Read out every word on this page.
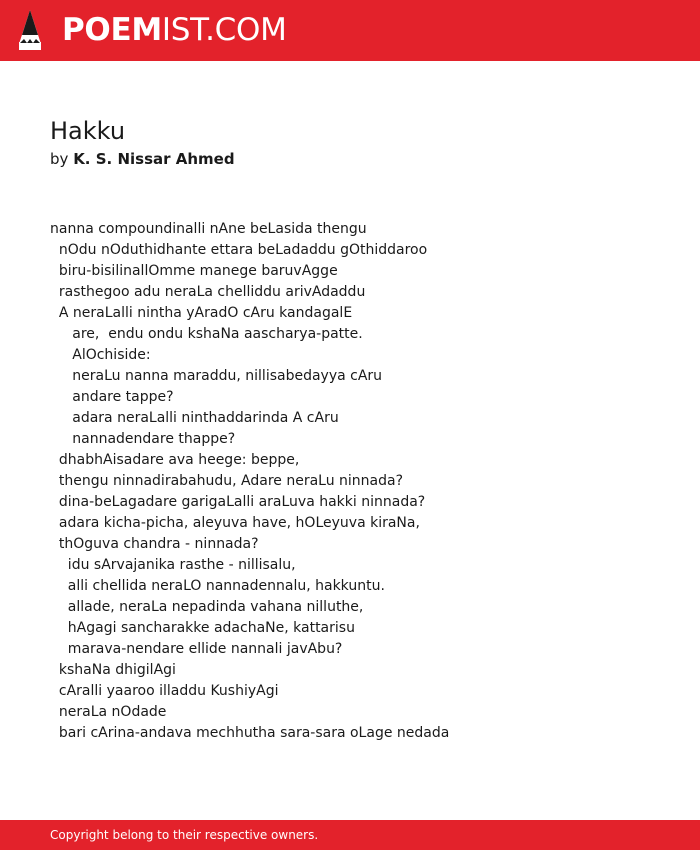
POEMIST.COM
Hakku
by K. S. Nissar Ahmed
nanna compoundinalli nAne beLasida thengu
nOdu nOduthidhante ettara beLadaddu gOthiddaroo
biru-bisilinallOmme manege baruvAgge
rasthegoo adu neraLa chelliddu arivAdaddu
A neraLalli nintha yAradO cAru kandagalE
are,  endu ondu kshaNa aascharya-patte.
AlOchiside:
neraLu nanna maraddu, nillisabedayya cAru
andare tappe?
adara neraLalli ninthaddarinda A cAru
nannadendare thappe?
dhabhAisadare ava heege: beppe,
thengu ninnadirabahudu, Adare neraLu ninnada?
dina-beLagadare garigaLalli araLuva hakki ninnada?
adara kicha-picha, aleyuva have, hOLeyuva kiraNa,
thOguva chandra - ninnada?
idu sArvajanika rasthe - nillisalu,
alli chellida neraLO nannadennalu, hakkuntu.
allade, neraLa nepadinda vahana nilluthe,
hAgagi sancharakke adachaNe, kattarisu
marava-nendare ellide nannali javAbu?
kshaNa dhigilAgi
cAralli yaaroo illaddu KushiyAgi
neraLa nOdade
bari cArina-andava mechhutha sara-sara oLage nedada
Copyright belong to their respective owners.
